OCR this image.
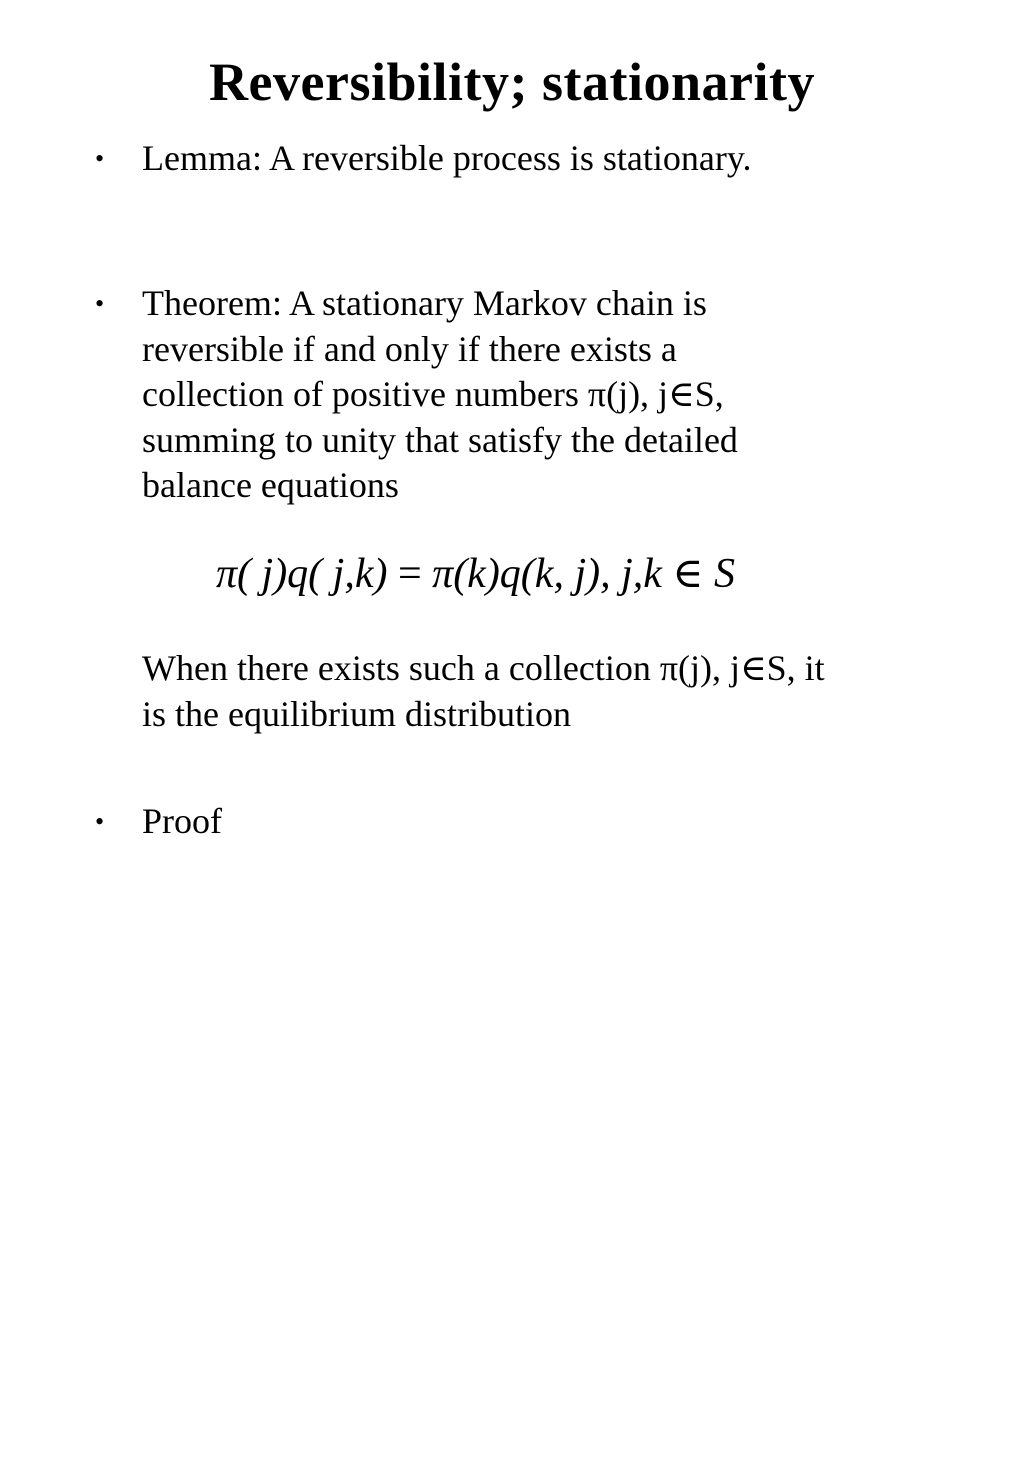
Reversibility; stationarity
• Lemma: A reversible process is stationary.

• Theorem: A stationary Markov chain is
reversible if and only if there exists a
collection of positive numbers π(j), j∈S,
summing to unity that satisfy the detailed
balance equations

π( j)q( j,k) = π(k)q(k, j), j,k ∈ S

When there exists such a collection π(j), j∈S, it
is the equilibrium distribution

• Proof
